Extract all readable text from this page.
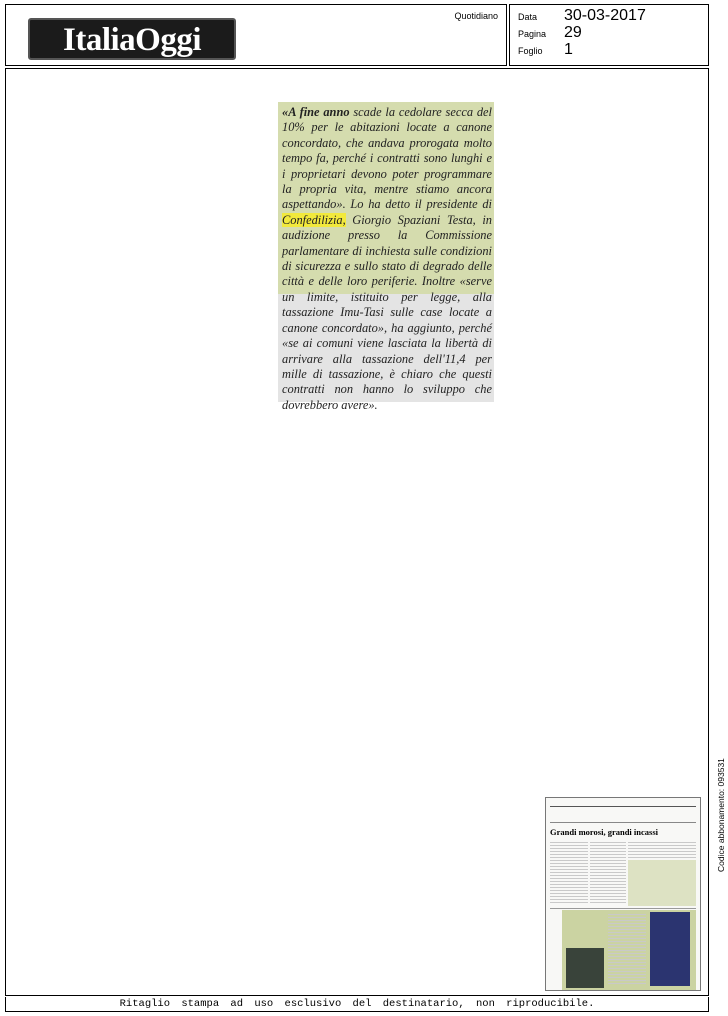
ItaliaOggi
Quotidiano Data	30-03-2017
Pagina	29
Foglio	1
«A fine anno scade la cedolare secca del 10% per le abitazioni locate a canone concordato, che andava prorogata molto tempo fa, perché i contratti sono lunghi e i proprietari devono poter programmare la propria vita, mentre stiamo ancora aspettando». Lo ha detto il presidente di Confedilizia, Giorgio Spaziani Testa, in audizione presso la Commissione parlamentare di inchiesta sulle condizioni di sicurezza e sullo stato di degrado delle città e delle loro periferie. Inoltre «serve un limite, istituito per legge, alla tassazione Imu-Tasi sulle case locate a canone concordato», ha aggiunto, perché «se ai comuni viene lasciata la libertà di arrivare alla tassazione dell'11,4 per mille di tassazione, è chiaro che questi contratti non hanno lo sviluppo che dovrebbero avere».
Grandi morosi, grandi incassi	Codice abbonamento: 093531
Ritaglio stampa ad uso esclusivo del destinatario, non riproducibile.
